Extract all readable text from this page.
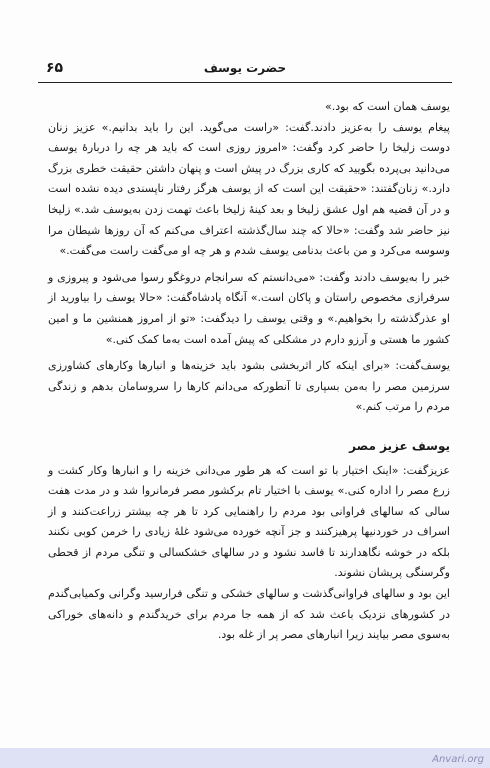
۶۵	حضرت یوسف

یوسف همان است که بود.»

پیغام یوسف را به‌عزیز دادند.گفت: «راست می‌گوید. این را باید بدانیم.» عزیز زنان دوست زلیخا را حاضر کرد وگفت: «امروز روزی است که باید هر چه را دربارهٔ یوسف می‌دانید بی‌پرده بگویید که کاری بزرگ در پیش است و پنهان داشتن حقیقت خطری بزرگ دارد.» زنان‌گفتند: «حقیقت این است که از یوسف هرگز رفتار ناپسندی دیده نشده است و در آن قضیه هم اول عشق زلیخا و بعد کینهٔ زلیخا باعث تهمت زدن به‌یوسف شد.» زلیخا نیز حاضر شد وگفت: «حالا که چند سال‌گذشته اعتراف می‌کنم که آن روزها شیطان مرا وسوسه می‌کرد و من باعث بدنامی یوسف شدم و هر چه او می‌گفت راست می‌گفت.»

خبر را به‌یوسف دادند وگفت: «می‌دانستم که سرانجام دروغگو رسوا می‌شود و پیروزی و سرفرازی مخصوص راستان و پاکان است.» آنگاه پادشاه‌گفت: «حالا یوسف را بیاورید از او عذرگذشته را بخواهیم.» و وقتی یوسف را دیدگفت: «تو از امروز همنشین ما و امین کشور ما هستی و آرزو دارم در مشکلی که پیش آمده است به‌ما کمک کنی.»

یوسف‌گفت: «برای اینکه کار اثربخشی بشود باید خزینه‌ها و انبارها وکارهای کشاورزی سرزمین مصر را به‌من بسپاری تا آنطورکه می‌دانم کارها را سروسامان بدهم و زندگی مردم را مرتب کنم.»

یوسف عزیز مصر

عزیزگفت: «اینک اختیار با تو است که هر طور می‌دانی خزینه را و انبارها وکار کشت و زرع مصر را اداره کنی.» یوسف با اختیار تام برکشور مصر فرمانروا شد و در مدت هفت سالی که سالهای فراوانی بود مردم را راهنمایی کرد تا هر چه بیشتر زراعت‌کنند و از اسراف در خوردنیها پرهیزکنند و جز آنچه خورده می‌شود غلهٔ زیادی را خرمن کوبی نکنند بلکه در خوشه نگاهدارند تا فاسد نشود و در سالهای خشکسالی و تنگی مردم از قحطی وگرسنگی پریشان نشوند.

این بود و سالهای فراوانی‌گذشت و سالهای خشکی و تنگی فرارسید وگرانی وکمیابی‌گندم در کشورهای نزدیک باعث شد که از همه جا مردم برای خریدگندم و دانه‌های خوراکی به‌سوی مصر بیایند زیرا انبارهای مصر پر از غله بود.

Anvari.org
